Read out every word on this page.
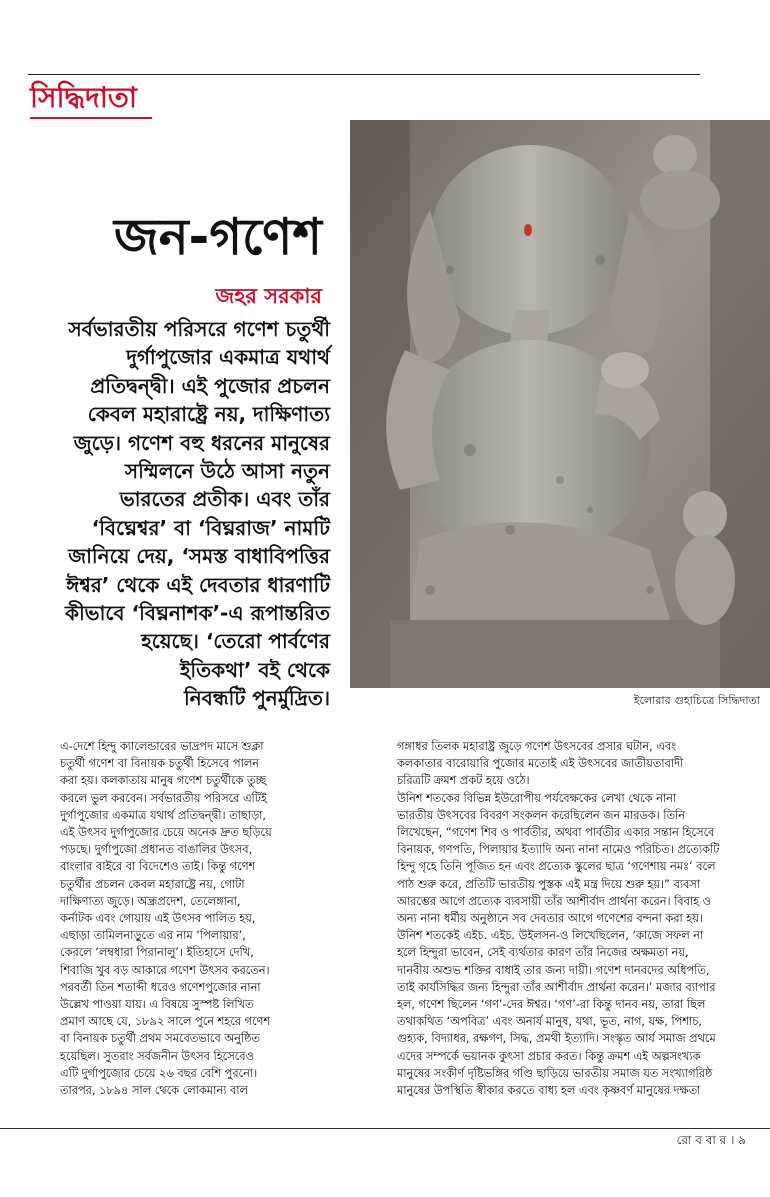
সিদ্ধিদাতা
ইলোরার গুহাচিত্রে সিদ্ধিদাতা
জন-গণেশ
জহর সরকার
সর্বভারতীয় পরিসরে গণেশ চতুর্থী
দুর্গাপুজোর একমাত্র যথার্থ
প্রতিদ্বন্দ্বী। এই পুজোর প্রচলন
কেবল মহারাষ্ট্রে নয়, দাক্ষিণাত্য
জুড়ে। গণেশ বহু ধরনের মানুষের
সম্মিলনে উঠে আসা নতুন
ভারতের প্রতীক। এবং তাঁর
‘বিঘ্নেশ্বর’ বা ‘বিঘ্নরাজ’ নামটি
জানিয়ে দেয়, ‘সমস্ত বাধাবিপত্তির
ঈশ্বর’ থেকে এই দেবতার ধারণাটি
কীভাবে ‘বিঘ্ননাশক’-এ রূপান্তরিত
হয়েছে। ‘তেরো পার্বণের
ইতিকথা’ বই থেকে
নিবন্ধটি পুনর্মুদ্রিত।
এ-দেশে হিন্দু ক্যালেন্ডারের ভাদ্রপদ মাসে শুক্লা
চতুর্থী গণেশ বা বিনায়ক চতুর্থী হিসেবে পালন
করা হয়। কলকাতায় মানুষ গণেশ চতুর্থীকে তুচ্ছ
করলে ভুল করবেন। সর্বভারতীয় পরিসরে এটিই
দুর্গাপুজোর একমাত্র যথার্থ প্রতিদ্বন্দ্বী। তাছাড়া,
এই উৎসব দুর্গাপুজোর চেয়ে অনেক দ্রুত ছড়িয়ে
পড়ছে। দুর্গাপুজো প্রধানত বাঙালির উৎসব,
বাংলার বাইরে বা বিদেশেও তাই। কিন্তু গণেশ
চতুর্থীর প্রচলন কেবল মহারাষ্ট্রে নয়, গোটা
দাক্ষিণাত্য জুড়ে। অন্ধ্রপ্রদেশ, তেলেঙ্গানা,
কর্নাটক এবং গোয়ায় এই উৎসব পালিত হয়,
এছাড়া তামিলনাড়ুতে এর নাম ‘পিলায়ার’,
কেরলে ‘লম্বধারা পিরানালু’। ইতিহাসে দেখি,
শিবাজি খুব বড় আকারে গণেশ উৎসব করতেন।
পরবর্তী তিন শতাব্দী ধরেও গণেশপুজোর নানা
উল্লেখ পাওয়া যায়। এ বিষয়ে সুস্পষ্ট লিখিত
প্রমাণ আছে যে, ১৮৯২ সালে পুনে শহরে গণেশ
বা বিনায়ক চতুর্থী প্রথম সমবেতভাবে অনুষ্ঠিত
হয়েছিল। সুতরাং সর্বজনীন উৎসব হিসেবেও
এটি দুর্গাপুজোর চেয়ে ২৬ বছর বেশি পুরনো।
তারপর, ১৮৯৪ সাল থেকে লোকমান্য বাল
গঙ্গাধর তিলক মহারাষ্ট্র জুড়ে গণেশ উৎসবের প্রসার ঘটান, এবং
কলকাতার বারোয়ারি পুজোর মতোই এই উৎসবের জাতীয়তাবাদী
চরিত্রটি ক্রমশ প্রকট হয়ে ওঠে।
উনিশ শতকের বিভিন্ন ইউরোপীয় পর্যবেক্ষকের লেখা থেকে নানা
ভারতীয় উৎসবের বিবরণ সংকলন করেছিলেন জন মারডক। তিনি
লিখেছেন, “গণেশ শিব ও পার্বতীর, অথবা পার্বতীর একার সন্তান হিসেবে
বিনায়ক, গণপতি, পিলায়ার ইত্যাদি অন্য নানা নামেও পরিচিত। প্রত্যেকটি
হিন্দু গৃহে তিনি পূজিত হন এবং প্রত্যেক স্কুলের ছাত্র ‘গণেশায় নমঃ’ বলে
পাঠ শুরু করে, প্রতিটি ভারতীয় পুস্তক এই মন্ত্র দিয়ে শুরু হয়।” ব্যবসা
আরম্ভের আগে প্রত্যেক ব্যবসায়ী তাঁর আশীর্বাদ প্রার্থনা করেন। বিবাহ ও
অন্য নানা ধর্মীয় অনুষ্ঠানে সব দেবতার আগে গণেশের বন্দনা করা হয়।
উনিশ শতকেই এইচ. এইচ. উইলসন-ও লিখেছিলেন, ‘কাজে সফল না
হলে হিন্দুরা ভাবেন, সেই ব্যর্থতার কারণ তাঁর নিজের অক্ষমতা নয়,
দানবীয় অশুভ শক্তির বাধাই তার জন্য দায়ী। গণেশ দানবদের অধিপতি,
তাই কার্যসিদ্ধির জন্য হিন্দুরা তাঁর আশীর্বাদ প্রার্থনা করেন।’ মজার ব্যাপার
হল, গণেশ ছিলেন ‘গণ’-দের ঈশ্বর। ‘গণ’-রা কিন্তু দানব নয়, তারা ছিল
তথাকথিত ‘অপবিত্র’ এবং অনার্য মানুষ, যথা, ভূত, নাগ, যক্ষ, পিশাচ,
গুহ্যক, বিদ্যাধর, রক্ষগণ, সিদ্ধ, প্রমথী ইত্যাদি। সংস্কৃত আর্য সমাজ প্রথমে
এদের সম্পর্কে ভয়ানক কুৎসা প্রচার করত। কিন্তু ক্রমশ এই অল্পসংখ্যক
মানুষের সংকীর্ণ দৃষ্টিভঙ্গির গণ্ডি ছাড়িয়ে ভারতীয় সমাজ যত সংখ্যাগরিষ্ঠ
মানুষের উপস্থিতি স্বীকার করতে বাধ্য হল এবং কৃষ্ণবর্ণ মানুষের দক্ষতা
রো ব বা র । ৯
